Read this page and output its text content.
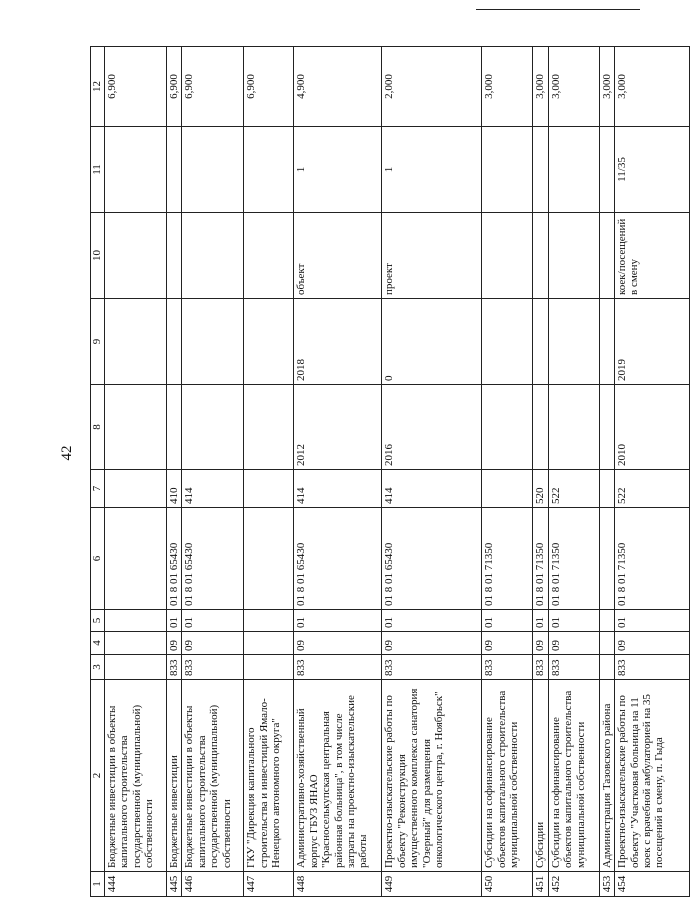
42
1	2	3	4	5	6	7	8	9	10	11	12
444	Бюджетные инвестиции в объекты капитального строительства государственной (муниципальной) собственности										6,900
445	Бюджетные инвестиции	833	09	01	01 8 01 65430	410					6,900
446	Бюджетные инвестиции в объекты капитального строительства государственной (муниципальной) собственности	833	09	01	01 8 01 65430	414					6,900
447	ГКУ "Дирекция капитального строительства и инвестиций Ямало-Ненецкого автономного округа"										6,900
448	Административно-хозяйственный корпус ГБУЗ ЯНАО "Красноселькупская центральная районная больница", в том числе затраты на проектно-изыскательские работы	833	09	01	01 8 01 65430	414	2012	2018	объект	1	4,900
449	Проектно-изыскательские работы по объекту "Реконструкция имущественного комплекса санатория "Озерный" для размещения онкологического центра, г. Ноябрьск"	833	09	01	01 8 01 65430	414	2016	0	проект	1	2,000
450	Субсидии на софинансирование объектов капитального строительства муниципальной собственности	833	09	01	01 8 01 71350						3,000
451	Субсидии	833	09	01	01 8 01 71350	520					3,000
452	Субсидии на софинансирование объектов капитального строительства муниципальной собственности	833	09	01	01 8 01 71350	522					3,000
453	Администрация Тазовского района										3,000
454	Проектно-изыскательские работы по объекту "Участковая больница на 11 коек с врачебной амбулаторией на 35 посещений в смену, п. Гыда	833	09	01	01 8 01 71350	522	2010	2019	коек/посещений в смену	11/35	3,000
